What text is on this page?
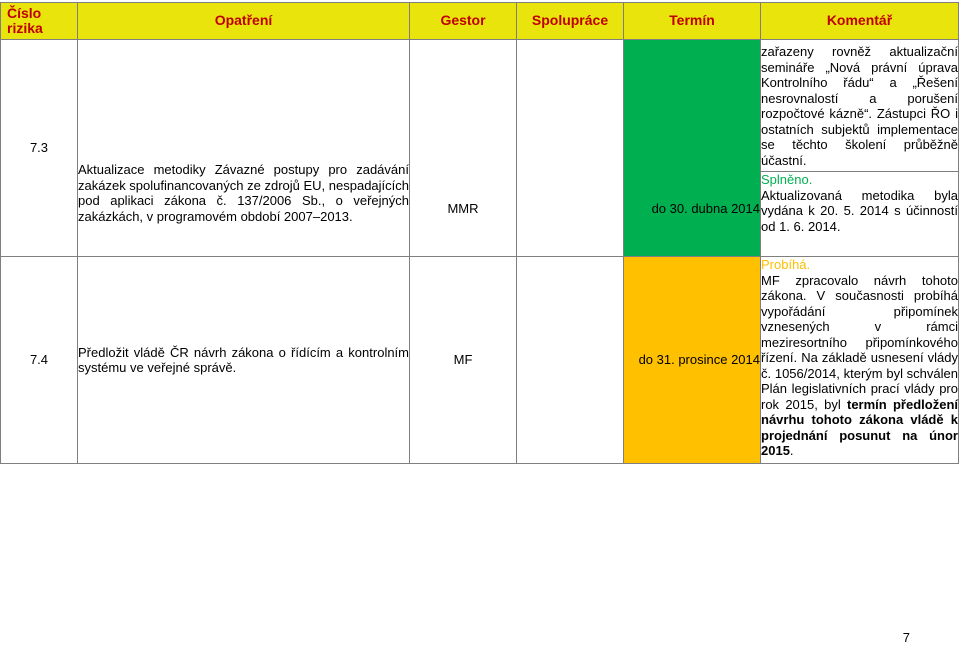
Číslo rizika	Opatření	Gestor	Spolupráce	Termín	Komentář
7.3	Aktualizace metodiky Závazné postupy pro zadávání zakázek spolufinancovaných ze zdrojů EU, nespadajících pod aplikaci zákona č. 137/2006 Sb., o veřejných zakázkách, v programovém období 2007–2013.	MMR		do 30. dubna 2014	zařazeny rovněž aktualizační semináře „Nová právní úprava Kontrolního řádu“ a „Řešení nesrovnalostí a porušení rozpočtové kázně“. Zástupci ŘO i ostatních subjektů implementace se těchto školení průběžně účastní.

					Splněno.
Aktualizovaná metodika byla vydána k 20. 5. 2014 s účinností od 1. 6. 2014.

7.4	Předložit vládě ČR návrh zákona o řídícím a kontrolním systému ve veřejné správě.	MF		do 31. prosince 2014	Probíhá.
MF zpracovalo návrh tohoto zákona. V současnosti probíhá vypořádání připomínek vznesených v rámci meziresortního připomínkového řízení. Na základě usnesení vlády č. 1056/2014, kterým byl schválen Plán legislativních prací vlády pro rok 2015, byl termín předložení návrhu tohoto zákona vládě k projednání posunut na únor 2015.
7
